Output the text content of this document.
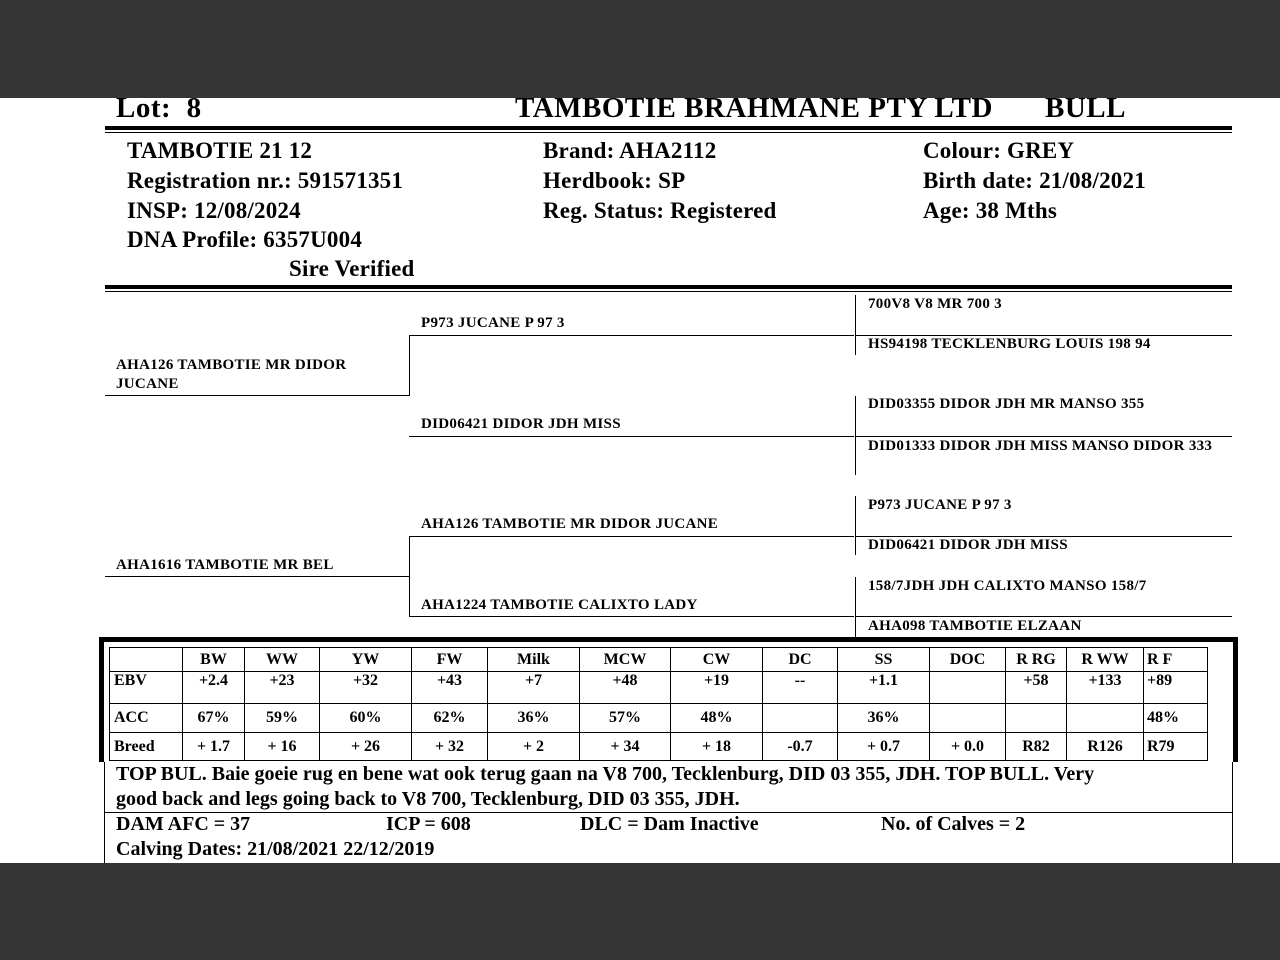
Lot: 8	TAMBOTIE BRAHMANE PTY LTD BULL
TAMBOTIE 21 12
Registration nr.: 591571351
INSP: 12/08/2024
DNA Profile: 6357U004
Sire Verified
Brand: AHA2112
Herdbook: SP
Reg. Status: Registered
Colour: GREY
Birth date: 21/08/2021
Age: 38 Mths
AHA126 TAMBOTIE MR DIDOR JUCANE
AHA1616 TAMBOTIE MR BEL
P973 JUCANE P 97 3
DID06421 DIDOR JDH MISS
AHA126 TAMBOTIE MR DIDOR JUCANE
AHA1224 TAMBOTIE CALIXTO LADY
700V8 V8 MR 700 3
HS94198 TECKLENBURG LOUIS 198 94
DID03355 DIDOR JDH MR MANSO 355
DID01333 DIDOR JDH MISS MANSO DIDOR 333
P973 JUCANE P 97 3
DID06421 DIDOR JDH MISS
158/7JDH JDH CALIXTO MANSO 158/7
AHA098 TAMBOTIE ELZAAN
	BW	WW	YW	FW	Milk	MCW	CW	DC	SS	DOC	R RG	R WW	R F
EBV	+2.4	+23	+32	+43	+7	+48	+19	--	+1.1		+58	+133	+89
ACC	67%	59%	60%	62%	36%	57%	48%		36%				48%
Breed	+ 1.7	+ 16	+ 26	+ 32	+ 2	+ 34	+ 18	-0.7	+ 0.7	+ 0.0	R82	R126	R79
TOP BUL. Baie goeie rug en bene wat ook terug gaan na V8 700, Tecklenburg, DID 03 355, JDH. TOP BULL. Very
good back and legs going back to V8 700, Tecklenburg, DID 03 355, JDH.
DAM AFC = 37	ICP = 608	DLC = Dam Inactive	No. of Calves = 2
Calving Dates: 21/08/2021 22/12/2019
